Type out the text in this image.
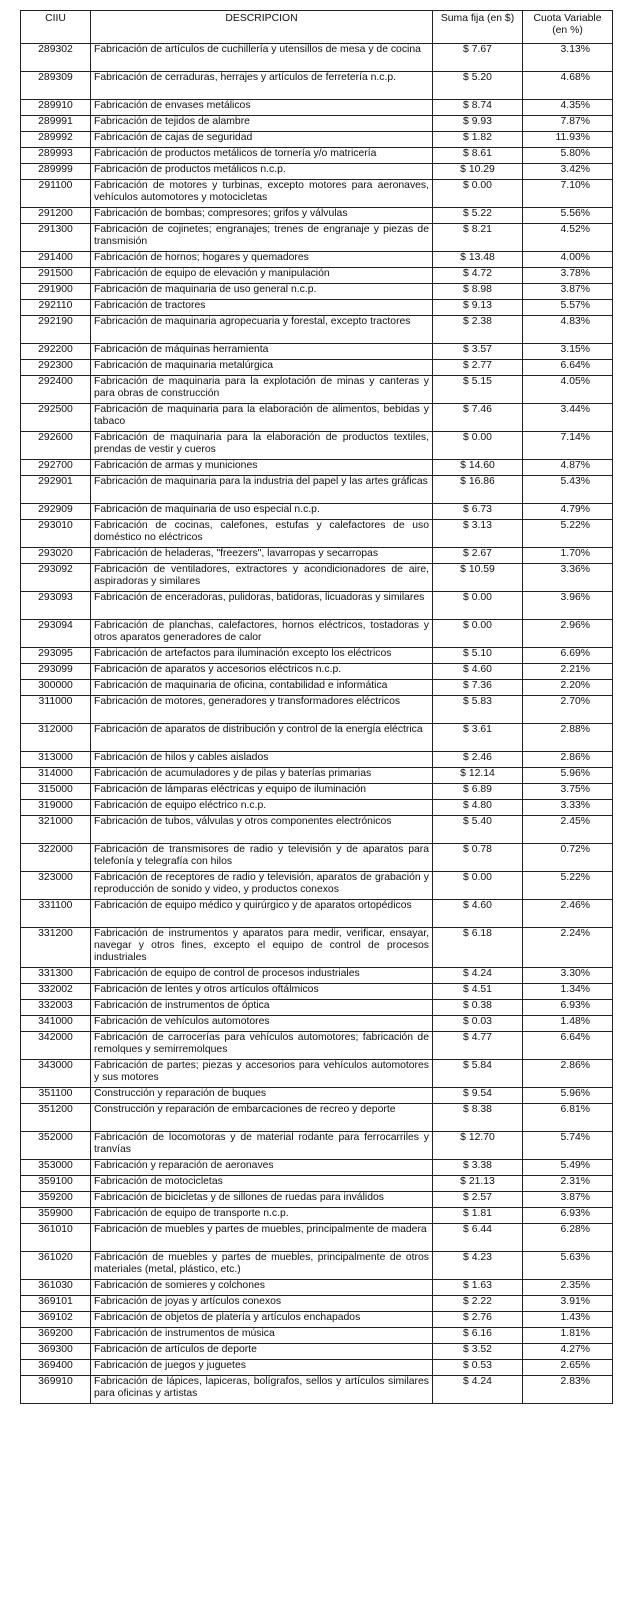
CIIU	DESCRIPCION	Suma fija (en $)	Cuota Variable (en %)
289302	Fabricación de artículos de cuchillería y utensillos de mesa y de cocina	$ 7.67	3.13%
289309	Fabricación de cerraduras, herrajes y artículos de ferretería n.c.p.	$ 5.20	4.68%
289910	Fabricación de envases metálicos	$ 8.74	4.35%
289991	Fabricación de tejidos de alambre	$ 9.93	7.87%
289992	Fabricación de cajas de seguridad	$ 1.82	11.93%
289993	Fabricación de productos metálicos de tornería y/o matricería	$ 8.61	5.80%
289999	Fabricación de productos metálicos n.c.p.	$ 10.29	3.42%
291100	Fabricación de motores y turbinas, excepto motores para aeronaves, vehículos automotores y motocicletas	$ 0.00	7.10%
291200	Fabricación de bombas; compresores; grifos y válvulas	$ 5.22	5.56%
291300	Fabricación de cojinetes; engranajes; trenes de engranaje y piezas de transmisión	$ 8.21	4.52%
291400	Fabricación de hornos; hogares y quemadores	$ 13.48	4.00%
291500	Fabricación de equipo de elevación y manipulación	$ 4.72	3.78%
291900	Fabricación de maquinaria de uso general n.c.p.	$ 8.98	3.87%
292110	Fabricación de tractores	$ 9.13	5.57%
292190	Fabricación de maquinaria agropecuaria y forestal, excepto tractores	$ 2.38	4.83%
292200	Fabricación de máquinas herramienta	$ 3.57	3.15%
292300	Fabricación de maquinaria metalúrgica	$ 2.77	6.64%
292400	Fabricación de maquinaria para la explotación de minas y canteras y para obras de construcción	$ 5.15	4.05%
292500	Fabricación de maquinaria para la elaboración de alimentos, bebidas y tabaco	$ 7.46	3.44%
292600	Fabricación de maquinaria para la elaboración de productos textiles, prendas de vestir y cueros	$ 0.00	7.14%
292700	Fabricación de armas y municiones	$ 14.60	4.87%
292901	Fabricación de maquinaria para la industria del papel y las artes gráficas	$ 16.86	5.43%
292909	Fabricación de maquinaria de uso especial n.c.p.	$ 6.73	4.79%
293010	Fabricación de cocinas, calefones, estufas y calefactores de uso doméstico no eléctricos	$ 3.13	5.22%
293020	Fabricación de heladeras, "freezers", lavarropas y secarropas	$ 2.67	1.70%
293092	Fabricación de ventiladores, extractores y acondicionadores de aire, aspiradoras y similares	$ 10.59	3.36%
293093	Fabricación de enceradoras, pulidoras, batidoras, licuadoras y similares	$ 0.00	3.96%
293094	Fabricación de planchas, calefactores, hornos eléctricos, tostadoras y otros aparatos generadores de calor	$ 0.00	2.96%
293095	Fabricación de artefactos para iluminación excepto los eléctricos	$ 5.10	6.69%
293099	Fabricación de aparatos y accesorios eléctricos n.c.p.	$ 4.60	2.21%
300000	Fabricación de maquinaria de oficina, contabilidad e informática	$ 7.36	2.20%
311000	Fabricación de motores, generadores y transformadores eléctricos	$ 5.83	2.70%
312000	Fabricación de aparatos de distribución y control de la energía eléctrica	$ 3.61	2.88%
313000	Fabricación de hilos y cables aislados	$ 2.46	2.86%
314000	Fabricación de acumuladores y de pilas y baterías primarias	$ 12.14	5.96%
315000	Fabricación de lámparas eléctricas y equipo de iluminación	$ 6.89	3.75%
319000	Fabricación de equipo eléctrico n.c.p.	$ 4.80	3.33%
321000	Fabricación de tubos, válvulas y otros componentes electrónicos	$ 5.40	2.45%
322000	Fabricación de transmisores de radio y televisión y de aparatos para telefonía y telegrafía con hilos	$ 0.78	0.72%
323000	Fabricación de receptores de radio y televisión, aparatos de grabación y reproducción de sonido y video, y productos conexos	$ 0.00	5.22%
331100	Fabricación de equipo médico y quirúrgico y de aparatos ortopédicos	$ 4.60	2.46%
331200	Fabricación de instrumentos y aparatos para medir, verificar, ensayar, navegar y otros fines, excepto el equipo de control de procesos industriales	$ 6.18	2.24%
331300	Fabricación de equipo de control de procesos industriales	$ 4.24	3.30%
332002	Fabricación de lentes y otros artículos oftálmicos	$ 4.51	1.34%
332003	Fabricación de instrumentos de óptica	$ 0.38	6.93%
341000	Fabricación de vehículos automotores	$ 0.03	1.48%
342000	Fabricación de carrocerías para vehículos automotores; fabricación de remolques y semirremolques	$ 4.77	6.64%
343000	Fabricación de partes; piezas y accesorios para vehículos automotores y sus motores	$ 5.84	2.86%
351100	Construcción y reparación de buques	$ 9.54	5.96%
351200	Construcción y reparación de embarcaciones de recreo y deporte	$ 8.38	6.81%
352000	Fabricación de locomotoras y de material rodante para ferrocarriles y tranvías	$ 12.70	5.74%
353000	Fabricación y reparación de aeronaves	$ 3.38	5.49%
359100	Fabricación de motocicletas	$ 21.13	2.31%
359200	Fabricación de bicicletas y de sillones de ruedas para inválidos	$ 2.57	3.87%
359900	Fabricación de equipo de transporte n.c.p.	$ 1.81	6.93%
361010	Fabricación de muebles y partes de muebles, principalmente de madera	$ 6.44	6.28%
361020	Fabricación de muebles y partes de muebles, principalmente de otros materiales (metal, plástico, etc.)	$ 4.23	5.63%
361030	Fabricación de somieres y colchones	$ 1.63	2.35%
369101	Fabricación de joyas y artículos conexos	$ 2.22	3.91%
369102	Fabricación de objetos de platería y artículos enchapados	$ 2.76	1.43%
369200	Fabricación de instrumentos de música	$ 6.16	1.81%
369300	Fabricación de artículos de deporte	$ 3.52	4.27%
369400	Fabricación de juegos y juguetes	$ 0.53	2.65%
369910	Fabricación de lápices, lapiceras, bolígrafos, sellos y artículos similares para oficinas y artistas	$ 4.24	2.83%
